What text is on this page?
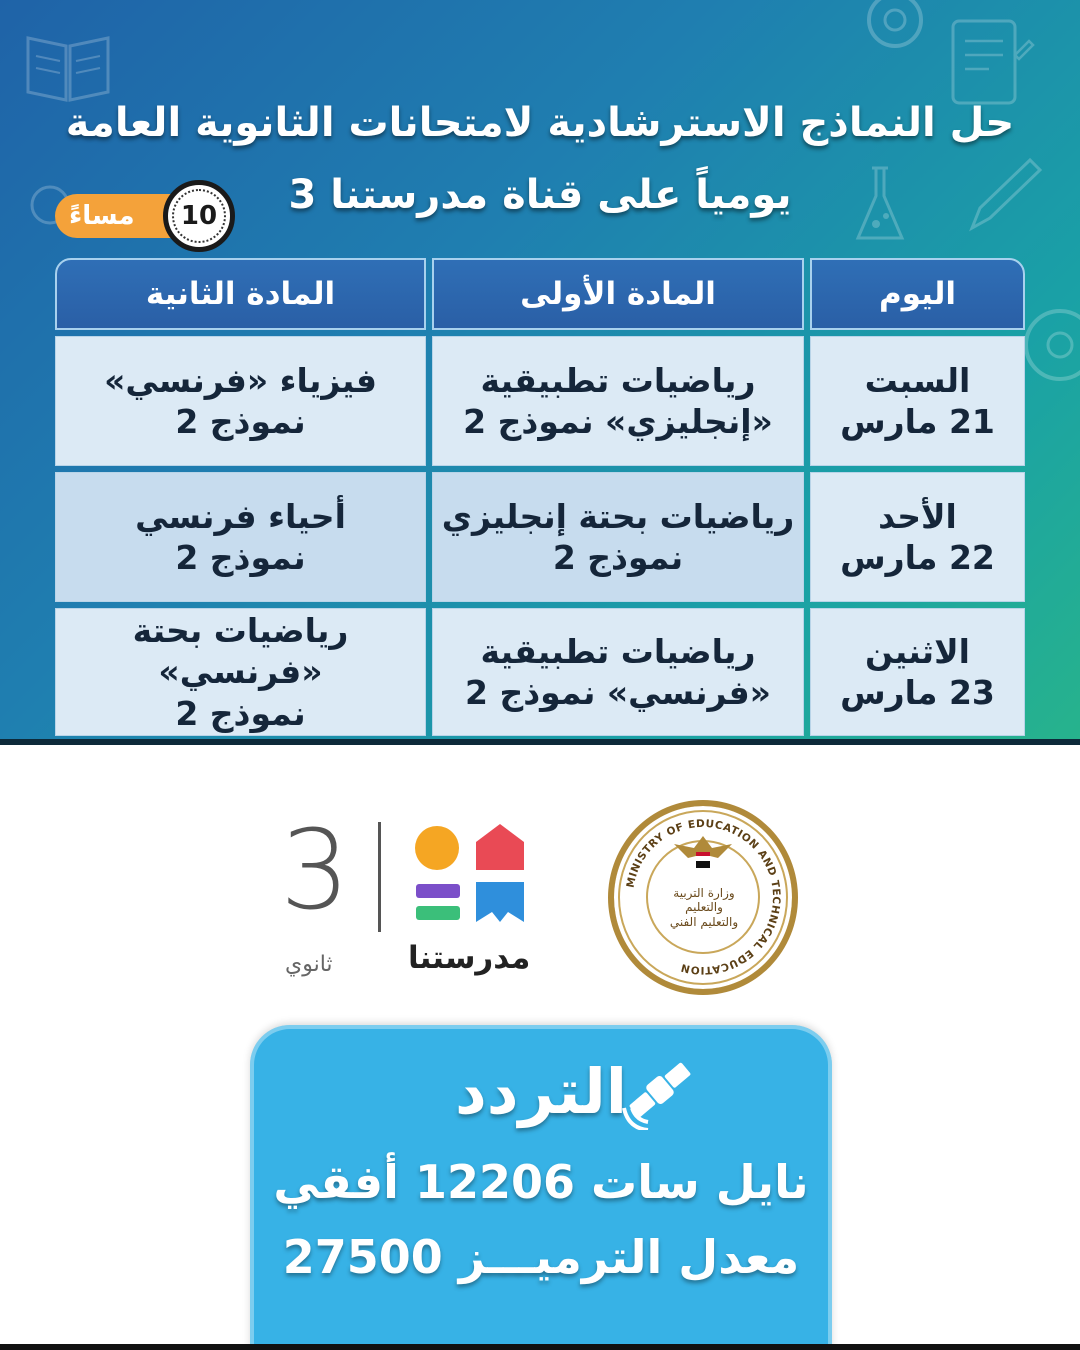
حل النماذج الاسترشادية لامتحانات الثانوية العامة
يومياً على قناة مدرستنا 3
مساءً	10
اليوم
المادة الأولى
المادة الثانية
السبت
21 مارس
رياضيات تطبيقية
«إنجليزي» نموذج 2
فيزياء «فرنسي»
نموذج 2
الأحد
22 مارس
رياضيات بحتة إنجليزي
نموذج 2
أحياء فرنسي
نموذج 2
الاثنين
23 مارس
رياضيات تطبيقية
«فرنسي» نموذج 2
رياضيات بحتة «فرنسي»
نموذج 2
3
ثانوي مدرستنا
MINISTRY OF EDUCATION AND TECHNICAL EDUCATION
وزارة التربية والتعليم والتعليم الفني
التردد
نايل سات 12206 أفقي
معدل الترميـــز 27500
